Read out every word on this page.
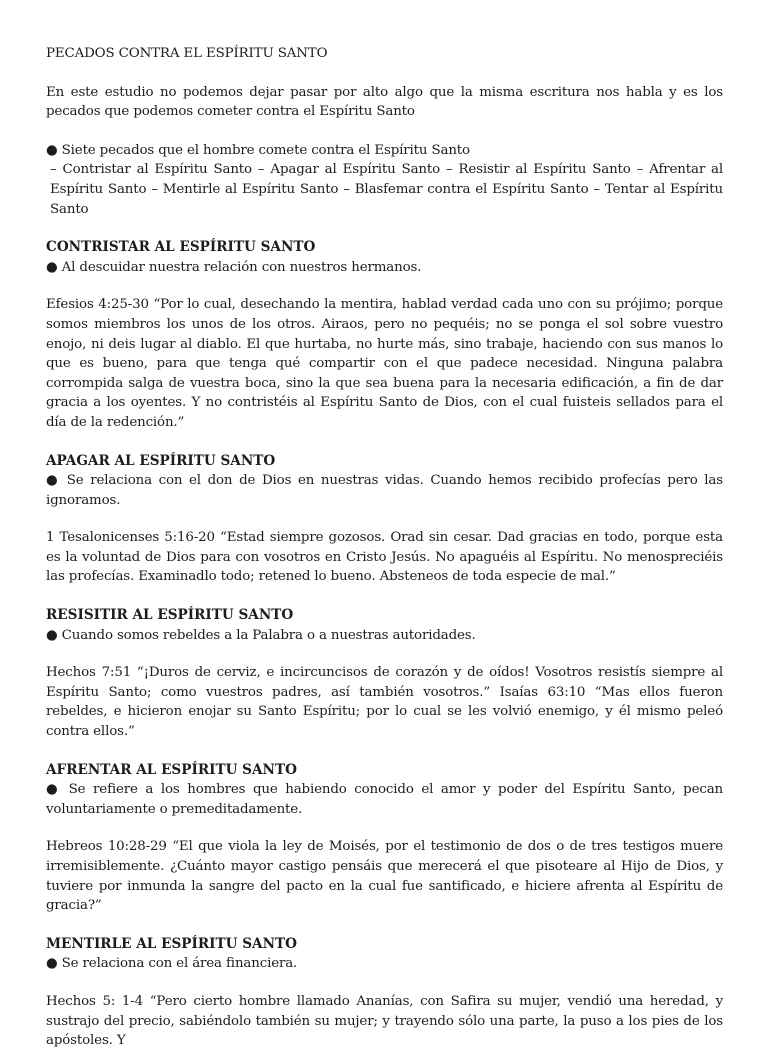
PECADOS CONTRA EL ESPÍRITU SANTO

En este estudio no podemos dejar pasar por alto algo que la misma escritura nos habla y es los pecados que podemos cometer contra el Espíritu Santo

● Siete pecados que el hombre comete contra el Espíritu Santo

– Contristar al Espíritu Santo – Apagar al Espíritu Santo – Resistir al Espíritu Santo – Afrentar al Espíritu Santo – Mentirle al Espíritu Santo – Blasfemar contra el Espíritu Santo – Tentar al Espíritu Santo

CONTRISTAR AL ESPÍRITU SANTO

● Al descuidar nuestra relación con nuestros hermanos.

Efesios 4:25-30 “Por lo cual, desechando la mentira, hablad verdad cada uno con su prójimo; porque somos miembros los unos de los otros. Airaos, pero no pequéis; no se ponga el sol sobre vuestro enojo, ni deis lugar al diablo. El que hurtaba, no hurte más, sino trabaje, haciendo con sus manos lo que es bueno, para que tenga qué compartir con el que padece necesidad. Ninguna palabra corrompida salga de vuestra boca, sino la que sea buena para la necesaria edificación, a fin de dar gracia a los oyentes. Y no contristéis al Espíritu Santo de Dios, con el cual fuisteis sellados para el día de la redención.”

APAGAR AL ESPÍRITU SANTO

● Se relaciona con el don de Dios en nuestras vidas. Cuando hemos recibido profecías pero las ignoramos.

1 Tesalonicenses 5:16-20 “Estad siempre gozosos. Orad sin cesar. Dad gracias en todo, porque esta es la voluntad de Dios para con vosotros en Cristo Jesús. No apaguéis al Espíritu. No menospreciéis las profecías. Examinadlo todo; retened lo bueno. Absteneos de toda especie de mal.”

RESISITIR AL ESPÍRITU SANTO

● Cuando somos rebeldes a la Palabra o a nuestras autoridades.

Hechos 7:51 “¡Duros de cerviz, e incircuncisos de corazón y de oídos! Vosotros resistís siempre al Espíritu Santo; como vuestros padres, así también vosotros.” Isaías 63:10 “Mas ellos fueron rebeldes, e hicieron enojar su Santo Espíritu; por lo cual se les volvió enemigo, y él mismo peleó contra ellos.”

AFRENTAR AL ESPÍRITU SANTO

● Se refiere a los hombres que habiendo conocido el amor y poder del Espíritu Santo, pecan voluntariamente o premeditadamente.

Hebreos 10:28-29 “El que viola la ley de Moisés, por el testimonio de dos o de tres testigos muere irremisiblemente. ¿Cuánto mayor castigo pensáis que merecerá el que pisoteare al Hijo de Dios, y tuviere por inmunda la sangre del pacto en la cual fue santificado, e hiciere afrenta al Espíritu de gracia?”

MENTIRLE AL ESPÍRITU SANTO

● Se relaciona con el área financiera.

Hechos 5: 1-4 “Pero cierto hombre llamado Ananías, con Safira su mujer, vendió una heredad, y sustrajo del precio, sabiéndolo también su mujer; y trayendo sólo una parte, la puso a los pies de los apóstoles. Y
